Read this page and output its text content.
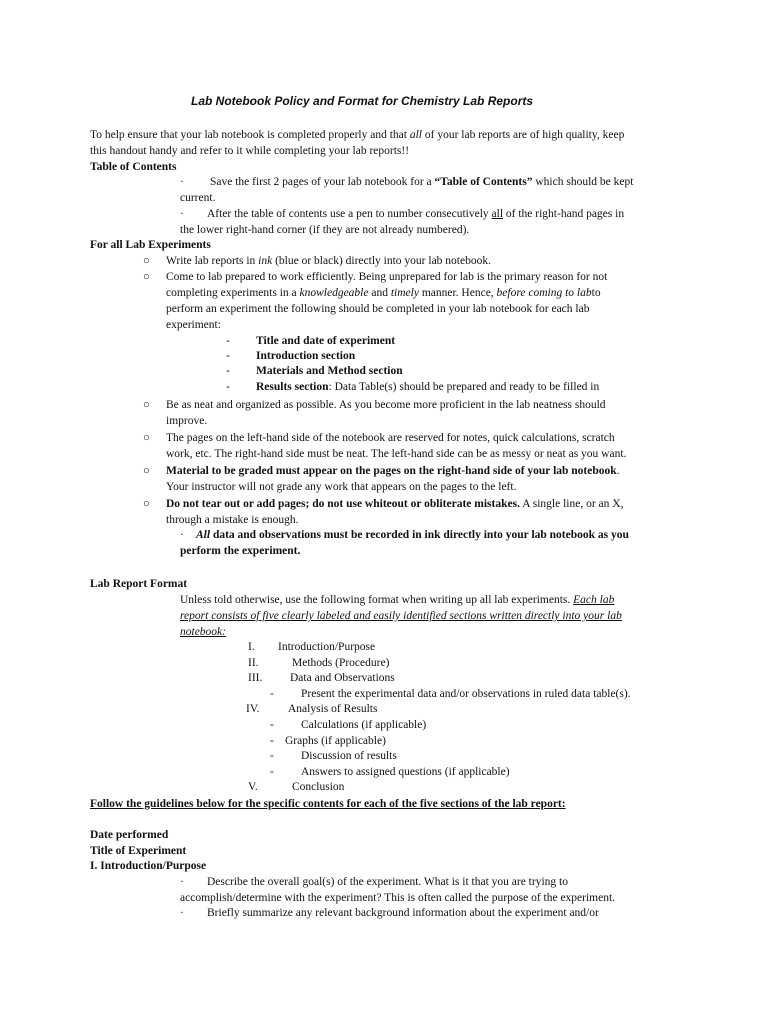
Lab Notebook Policy and Format for Chemistry Lab Reports
To help ensure that your lab notebook is completed properly and that all of your lab reports are of high quality, keep
this handout handy and refer to it while completing your lab reports!!
Table of Contents
· Save the first 2 pages of your lab notebook for a “Table of Contents” which should be kept
current.
· After the table of contents use a pen to number consecutively all of the right-hand pages in
the lower right-hand corner (if they are not already numbered).
For all Lab Experiments
○ Write lab reports in ink (blue or black) directly into your lab notebook.
○ Come to lab prepared to work efficiently. Being unprepared for lab is the primary reason for not
completing experiments in a knowledgeable and timely manner. Hence, before coming to labto
perform an experiment the following should be completed in your lab notebook for each lab
experiment:
- Title and date of experiment
- Introduction section
- Materials and Method section
- Results section: Data Table(s) should be prepared and ready to be filled in
○ Be as neat and organized as possible. As you become more proficient in the lab neatness should
improve.
○ The pages on the left-hand side of the notebook are reserved for notes, quick calculations, scratch
work, etc. The right-hand side must be neat. The left-hand side can be as messy or neat as you want.
○ Material to be graded must appear on the pages on the right-hand side of your lab notebook.
Your instructor will not grade any work that appears on the pages to the left.
○ Do not tear out or add pages; do not use whiteout or obliterate mistakes. A single line, or an X,
through a mistake is enough.
· All data and observations must be recorded in ink directly into your lab notebook as you
perform the experiment.
Lab Report Format
Unless told otherwise, use the following format when writing up all lab experiments. Each lab
report consists of five clearly labeled and easily identified sections written directly into your lab
notebook:
I. Introduction/Purpose
II.	Methods (Procedure)
III. Data and Observations
- Present the experimental data and/or observations in ruled data table(s).
IV. Analysis of Results
- Calculations (if applicable)
- Graphs (if applicable)
- Discussion of results
- Answers to assigned questions (if applicable)
V.	Conclusion
Follow the guidelines below for the specific contents for each of the five sections of the lab report:
Date performed
Title of Experiment
I. Introduction/Purpose
· Describe the overall goal(s) of the experiment. What is it that you are trying to
accomplish/determine with the experiment? This is often called the purpose of the experiment.
· Briefly summarize any relevant background information about the experiment and/or
